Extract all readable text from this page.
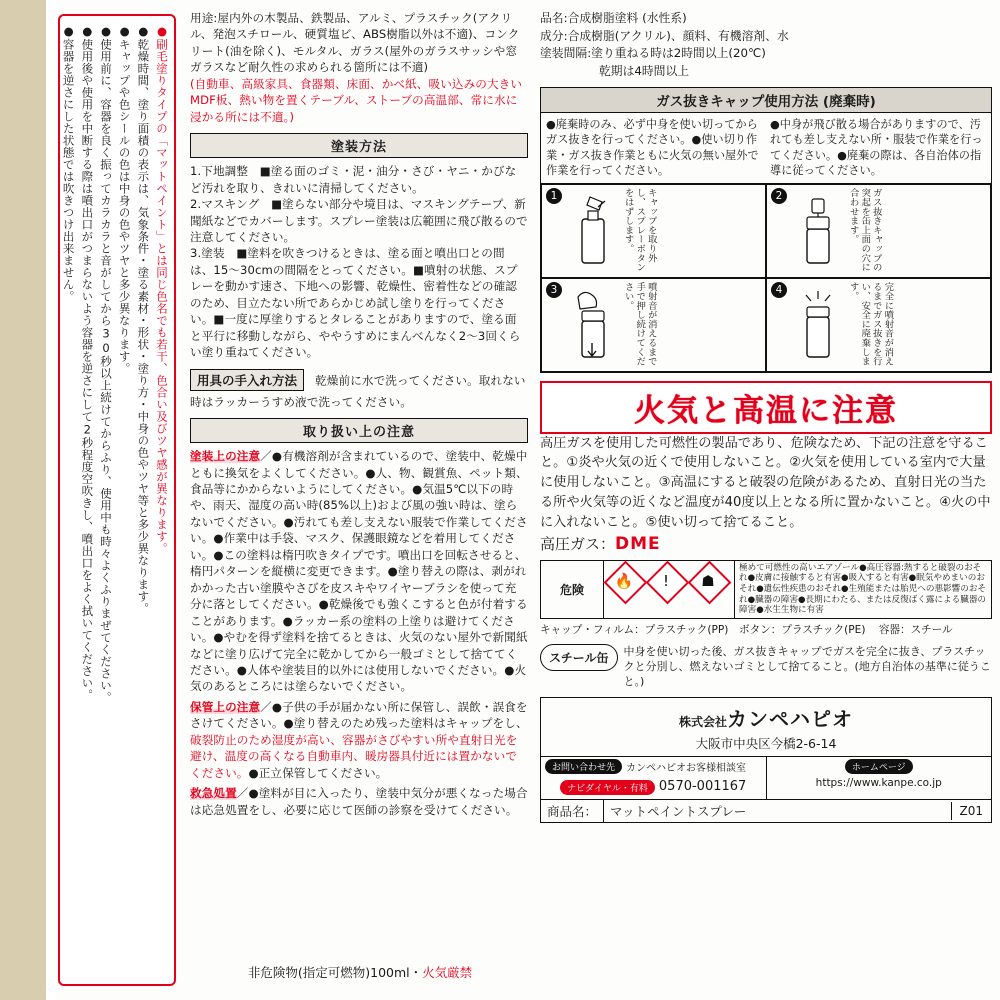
●刷毛塗りタイプの「マットペイント」とは同じ色名でも若干、色合い及びツヤ感が異なります。
●乾燥時間、塗り面積の表示は、気象条件・塗る素材・形状・塗り方・中身の色やツヤ等と多少異なります。
●キャップや色シールの色は中身の色やツヤと多少異なります。
●使用前に、容器を良く振ってカラカラと音がしてから30秒以上続けてからふり、使用中も時々よくふりまぜてください。
●使用後や使用を中断する際は噴出口がつまらないよう容器を逆さにして2秒程度空吹きし、噴出口をよく拭いてください。
●容器を逆さにした状態では吹きつけ出来ません。

用途:屋内外の木製品、鉄製品、アルミ、プラスチック(アクリル、発泡スチロール、硬質塩ビ、ABS樹脂以外は不適)、コンクリート(油を除く)、モルタル、ガラス(屋外のガラスサッシや窓ガラスなど耐久性の求められる箇所には不適)

(自動車、高級家具、食器類、床面、かべ紙、吸い込みの大きいMDF板、熱い物を置くテーブル、ストーブの高温部、常に水に浸かる所には不適。)

塗装方法

1.下地調整　■塗る面のゴミ・泥・油分・さび・ヤニ・かびなど汚れを取り、きれいに清掃してください。

2.マスキング　■塗らない部分や境目は、マスキングテープ、新聞紙などでカバーします。スプレー塗装は広範囲に飛び散るので注意してください。

3.塗装　■塗料を吹きつけるときは、塗る面と噴出口との間は、15〜30cmの間隔をとってください。■噴射の状態、スプレーを動かす速さ、下地への影響、乾燥性、密着性などの確認のため、目立たない所であらかじめ試し塗りを行ってください。■一度に厚塗りするとタレることがありますので、塗る面と平行に移動しながら、ややうすめにまんべんなく2〜3回くらい塗り重ねてください。

用具の手入れ方法 乾燥前に水で洗ってください。取れない時はラッカーうすめ液で洗ってください。

取り扱い上の注意

塗装上の注意／●有機溶剤が含まれているので、塗装中、乾燥中ともに換気をよくしてください。●人、物、観賞魚、ペット類、食品等にかからないようにしてください。●気温5℃以下の時や、雨天、湿度の高い時(85%以上)および風の強い時は、塗らないでください。●汚れても差し支えない服装で作業してください。●作業中は手袋、マスク、保護眼鏡などを着用してください。●この塗料は楕円吹きタイプです。噴出口を回転させると、楕円パターンを縦横に変更できます。●塗り替えの際は、剥がれかかった古い塗膜やさびを皮スキやワイヤーブラシを使って充分に落としてください。●乾燥後でも強くこすると色が付着することがあります。●ラッカー系の塗料の上塗りは避けてください。●やむを得ず塗料を捨てるときは、火気のない屋外で新聞紙などに塗り広げて完全に乾かしてから一般ゴミとして捨ててください。●人体や塗装目的以外には使用しないでください。●火気のあるところには塗らないでください。

保管上の注意／●子供の手が届かない所に保管し、誤飲・誤食をさけてください。●塗り替えのため残った塗料はキャップをし、破裂防止のため湿度が高い、容器がさびやすい所や直射日光を避け、温度の高くなる自動車内、暖房器具付近には置かないでください。●正立保管してください。

救急処置／●塗料が目に入ったり、塗装中気分が悪くなった場合は応急処置をし、必要に応じて医師の診察を受けてください。

非危険物(指定可燃物)100ml・火気厳禁

品名:合成樹脂塗料 (水性系)

成分:合成樹脂(アクリル)、顔料、有機溶剤、水

塗装間隔:塗り重ねる時は2時間以上(20℃)

　　　　　乾期は4時間以上

ガス抜きキャップ使用方法 (廃棄時)
●廃棄時のみ、必ず中身を使い切ってからガス抜きを行ってください。●使い切り作業・ガス抜き作業ともに火気の無い屋外で作業を行ってください。
●中身が飛び散る場合がありますので、汚れても差し支えない所・服装で作業を行ってください。●廃棄の際は、各自治体の指導に従ってください。
1	キャップを取り外し、スプレーボタンをはずします。	2	ガス抜きキャップの突起を缶上面の穴に合わせます。
3	噴射音が消えるまで手で押し続けてください。	4	完全に噴射音が消えるまでガス抜きを行い、安全に廃棄します。
火気と高温に注意

高圧ガスを使用した可燃性の製品であり、危険なため、下記の注意を守ること。①炎や火気の近くで使用しないこと。②火気を使用している室内で大量に使用しないこと。③高温にすると破裂の危険があるため、直射日光の当たる所や火気等の近くなど温度が40度以上となる所に置かないこと。④火の中に入れないこと。⑤使い切って捨てること。

高圧ガス：DME

危険
🔥	!	☗
極めて可燃性の高いエアゾール●高圧容器:熱すると破裂のおそれ●皮膚に接触すると有害●吸入すると有害●眠気やめまいのおそれ●遺伝性疾患のおそれ●生殖能または胎児への悪影響のおそれ●臓器の障害●長期にわたる、または反復ばく露による臓器の障害●水生生物に有害
キャップ・フィルム：プラスチック(PP)　ボタン：プラスチック(PE) 容器：スチール
スチール缶	中身を使い切った後、ガス抜きキャップでガスを完全に抜き、プラスチックと分別し、燃えないゴミとして捨てること。(地方自治体の基準に従うこと。)
株式会社カンペハピオ
大阪市中央区今橋2-6-14
お問い合わせ先	カンペハピオお客様相談室
ナビダイヤル・有料 0570-001167
ホームページ
https://www.kanpe.co.jp
商品名：	マットペイントスプレー	Z01
